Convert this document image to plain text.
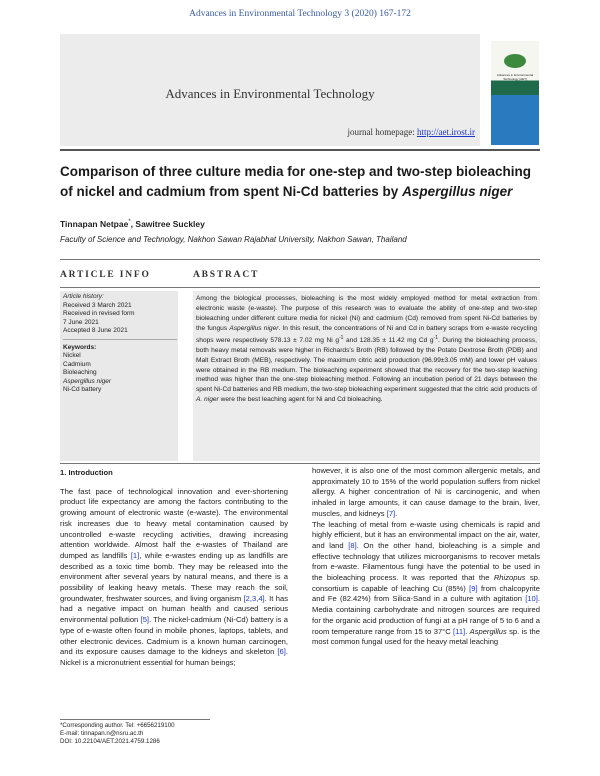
Advances in Environmental Technology 3 (2020) 167-172
Advances in Environmental Technology
journal homepage: http://aet.irost.ir
Advances in Environmental Technology (AET)
Comparison of three culture media for one-step and two-step bioleaching of nickel and cadmium from spent Ni-Cd batteries by Aspergillus niger
Tinnapan Netpae*, Sawitree Suckley
Faculty of Science and Technology, Nakhon Sawan Rajabhat University, Nakhon Sawan, Thailand
ARTICLE INFO	ABSTRACT
Article history:
Received 3 March 2021
Received in revised form
7 June 2021
Accepted 8 June 2021
Keywords:
Nickel
Cadmium
Bioleaching
Aspergillus niger
Ni-Cd battery
Among the biological processes, bioleaching is the most widely employed method for metal extraction from electronic waste (e-waste). The purpose of this research was to evaluate the ability of one-step and two-step bioleaching under different culture media for nickel (Ni) and cadmium (Cd) removed from spent Ni-Cd batteries by the fungus Aspergillus niger. In this result, the concentrations of Ni and Cd in battery scraps from e-waste recycling shops were respectively 578.13 ± 7.02 mg Ni $g^{-1}$ and 128.35 ± 11.42 mg Cd $g^{-1}$. During the bioleaching process, both heavy metal removals were higher in Richards's Broth (RB) followed by the Potato Dextrose Broth (PDB) and Malt Extract Broth (MEB), respectively. The maximum citric acid production (96.99±3.05 mM) and lower pH values were obtained in the RB medium. The bioleaching experiment showed that the recovery for the two-step leaching method was higher than the one-step bioleaching method. Following an incubation period of 21 days between the spent Ni-Cd batteries and RB medium, the two-step bioleaching experiment suggested that the citric acid products of A. niger were the best leaching agent for Ni and Cd bioleaching.

1. Introduction

The fast pace of technological innovation and ever-shortening product life expectancy are among the factors contributing to the growing amount of electronic waste (e-waste). The environmental risk increases due to heavy metal contamination caused by uncontrolled e-waste recycling activities, drawing increasing attention worldwide. Almost half the e-wastes of Thailand are dumped as landfills [1], while e-wastes ending up as landfills are described as a toxic time bomb. They may be released into the environment after several years by natural means, and there is a possibility of leaking heavy metals. These may reach the soil, groundwater, freshwater sources, and living organism [2,3,4]. It has had a negative impact on human health and caused serious environmental pollution [5]. The nickel-cadmium (Ni-Cd) battery is a type of e-waste often found in mobile phones, laptops, tablets, and other electronic devices. Cadmium is a known human carcinogen, and its exposure causes damage to the kidneys and skeleton [6]. Nickel is a micronutrient essential for human beings;

however, it is also one of the most common allergenic metals, and approximately 10 to 15% of the world population suffers from nickel allergy. A higher concentration of Ni is carcinogenic, and when inhaled in large amounts, it can cause damage to the brain, liver, muscles, and kidneys [7].

The leaching of metal from e-waste using chemicals is rapid and highly efficient, but it has an environmental impact on the air, water, and land [8]. On the other hand, bioleaching is a simple and effective technology that utilizes microorganisms to recover metals from e-waste. Filamentous fungi have the potential to be used in the bioleaching process. It was reported that the Rhizopus sp. consortium is capable of leaching Cu (85%) [9] from chalcopyrite and Fe (82.42%) from Silica-Sand in a culture with agitation [10]. Media containing carbohydrate and nitrogen sources are required for the organic acid production of fungi at a pH range of 5 to 6 and a room temperature range from 15 to 37°C [11]. Aspergillus sp. is the most common fungal used for the heavy metal leaching

*Corresponding author. Tel: +6656219100
E-mail: tinnapan.n@nsru.ac.th
DOI: 10.22104/AET.2021.4759.1286
